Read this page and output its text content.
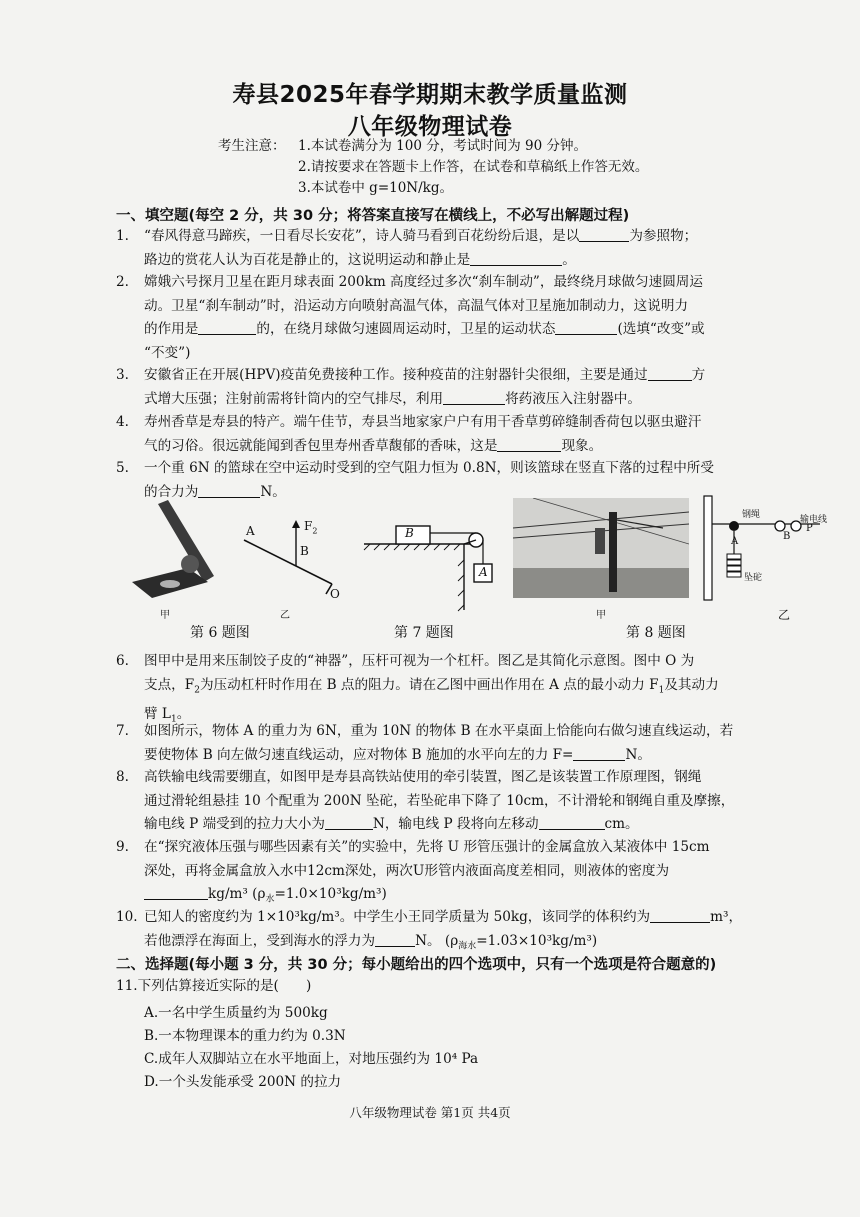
寿县2025年春学期期末教学质量监测
八年级物理试卷
考生注意： 1.本试卷满分为 100 分，考试时间为 90 分钟。
2.请按要求在答题卡上作答，在试卷和草稿纸上作答无效。
3.本试卷中 g=10N/kg。
一、填空题(每空 2 分，共 30 分；将答案直接写在横线上，不必写出解题过程)
1. “春风得意马蹄疾，一日看尽长安花”，诗人骑马看到百花纷纷后退，是以	为参照物；
路边的赏花人认为百花是静止的，这说明运动和静止是	。
2. 嫦娥六号探月卫星在距月球表面 200km 高度经过多次“刹车制动”，最终绕月球做匀速圆周运
动。卫星“刹车制动”时，沿运动方向喷射高温气体，高温气体对卫星施加制动力，这说明力
的作用是	的，在绕月球做匀速圆周运动时，卫星的运动状态	(选填“改变”或
“不变”)
3. 安徽省正在开展(HPV)疫苗免费接种工作。接种疫苗的注射器针尖很细，主要是通过	方
式增大压强；注射前需将针筒内的空气排尽，利用	将药液压入注射器中。
4. 寿州香草是寿县的特产。端午佳节，寿县当地家家户户有用干香草剪碎缝制香荷包以驱虫避汗
气的习俗。很远就能闻到香包里寿州香草馥郁的香味，这是	现象。
5. 一个重 6N 的篮球在空中运动时受到的空气阻力恒为 0.8N，则该篮球在竖直下落的过程中所受
的合力为	N。
甲
A
B
$F_2$
O
乙
B
A
甲
钢绳	输电线
P
A	B
坠砣
乙
第 6 题图	第 7 题图	第 8 题图
6. 图甲中是用来压制饺子皮的“神器”，压杆可视为一个杠杆。图乙是其简化示意图。图中 O 为
支点，$F_2$为压动杠杆时作用在 B 点的阻力。请在乙图中画出作用在 A 点的最小动力 $F_1$及其动力
臂 $L_1$。
7. 如图所示，物体 A 的重力为 6N，重为 10N 的物体 B 在水平桌面上恰能向右做匀速直线运动，若
要使物体 B 向左做匀速直线运动，应对物体 B 施加的水平向左的力 F=	N。
8. 高铁输电线需要绷直，如图甲是寿县高铁站使用的牵引装置，图乙是该装置工作原理图，钢绳
通过滑轮组悬挂 10 个配重为 200N 坠砣，若坠砣串下降了 10cm，不计滑轮和钢绳自重及摩擦，
输电线 P 端受到的拉力大小为	N，输电线 P 段将向左移动	cm。
9. 在“探究液体压强与哪些因素有关”的实验中，先将 U 形管压强计的金属盒放入某液体中 15cm
深处，再将金属盒放入水中12cm深处，两次U形管内液面高度差相同，则液体的密度为
kg/m³ $(\rho_水=1.0\times 10^3kg/m^3)$
10. 已知人的密度约为 1×10³kg/m³。中学生小王同学质量为 50kg，该同学的体积约为	m³，
若他漂浮在海面上，受到海水的浮力为	N。 $(\rho_{海水}=1.03\times 10^3kg/m^3)$
二、选择题(每小题 3 分，共 30 分；每小题给出的四个选项中，只有一个选项是符合题意的)
11.下列估算接近实际的是(　　)
A.一名中学生质量约为 500kg
B.一本物理课本的重力约为 0.3N
C.成年人双脚站立在水平地面上，对地压强约为 10⁴ Pa
D.一个头发能承受 200N 的拉力
八年级物理试卷 第1页 共4页
